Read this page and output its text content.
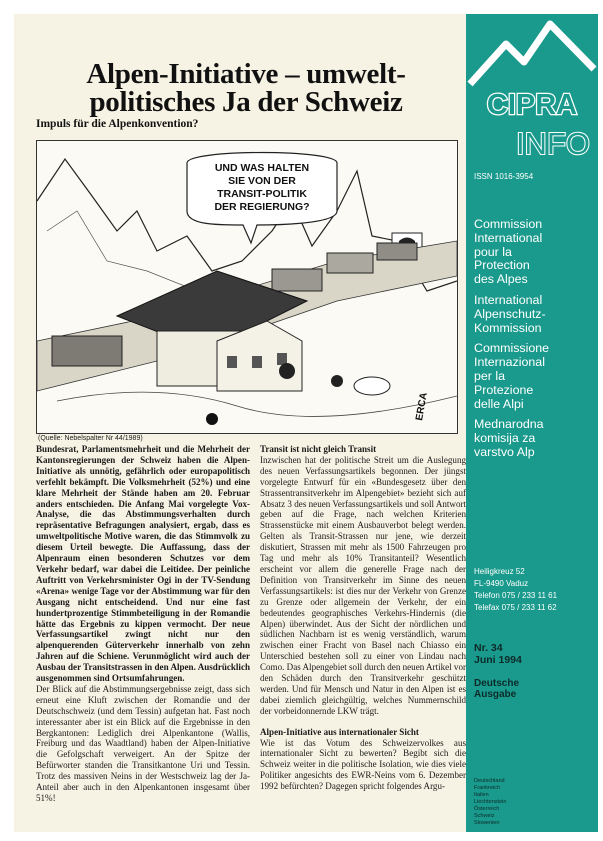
Alpen-Initiative – umwelt-politisches Ja der Schweiz
Impuls für die Alpenkonvention?
UND WAS HALTEN
SIE VON DER
TRANSIT-POLITIK
DER REGIERUNG?
ERCA
(Quelle: Nebelspalter Nr 44/1989)

Bundesrat, Parlamentsmehrheit und die Mehrheit der Kantonsregierungen der Schweiz haben die Alpen-Initiative als unnötig, gefährlich oder europapolitisch verfehlt bekämpft. Die Volksmehrheit (52%) und eine klare Mehrheit der Stände haben am 20. Februar anders entschieden. Die Anfang Mai vorgelegte Vox-Analyse, die das Abstimmungsverhalten durch repräsentative Befragungen analysiert, ergab, dass es umweltpolitische Motive waren, die das Stimmvolk zu diesem Urteil bewegte. Die Auffassung, dass der Alpenraum einen besonderen Schutzes vor dem Verkehr bedarf, war dabei die Leitidee. Der peinliche Auftritt von Verkehrsminister Ogi in der TV-Sendung «Arena» wenige Tage vor der Abstimmung war für den Ausgang nicht entscheidend. Und nur eine fast hundertprozentige Stimmbeteiligung in der Romandie hätte das Ergebnis zu kippen vermocht. Der neue Verfassungsartikel zwingt nicht nur den alpenquerenden Güterverkehr innerhalb von zehn Jahren auf die Schiene. Verunmöglicht wird auch der Ausbau der Transitstrassen in den Alpen. Ausdrücklich ausgenommen sind Ortsumfahrungen.

Der Blick auf die Abstimmungsergebnisse zeigt, dass sich erneut eine Kluft zwischen der Romandie und der Deutschschweiz (und dem Tessin) aufgetan hat. Fast noch interessanter aber ist ein Blick auf die Ergebnisse in den Bergkantonen: Lediglich drei Alpenkantone (Wallis, Freiburg und das Waadtland) haben der Alpen-Initiative die Gefolgschaft verweigert. An der Spitze der Befürworter standen die Transitkantone Uri und Tessin. Trotz des massiven Neins in der Westschweiz lag der Ja-Anteil aber auch in den Alpenkantonen insgesamt über 51%!

Transit ist nicht gleich Transit

Inzwischen hat der politische Streit um die Auslegung des neuen Verfassungsartikels begonnen. Der jüngst vorgelegte Entwurf für ein «Bundesgesetz über den Strassentransitverkehr im Alpengebiet» bezieht sich auf Absatz 3 des neuen Verfassungsartikels und soll Antwort geben auf die Frage, nach welchen Kriterien Strassenstücke mit einem Ausbauverbot belegt werden. Gelten als Transit-Strassen nur jene, wie derzeit diskutiert, Strassen mit mehr als 1500 Fahrzeugen pro Tag und mehr als 10% Transitanteil? Wesentlich erscheint vor allem die generelle Frage nach der Definition von Transitverkehr im Sinne des neuen Verfassungsartikels: ist dies nur der Verkehr von Grenze zu Grenze oder allgemein der Verkehr, der ein bedeutendes geographisches Verkehrs-Hindernis (die Alpen) überwindet. Aus der Sicht der nördlichen und südlichen Nachbarn ist es wenig verständlich, warum zwischen einer Fracht von Basel nach Chiasso ein Unterschied bestehen soll zu einer von Lindau nach Como. Das Alpengebiet soll durch den neuen Artikel vor den Schäden durch den Transitverkehr geschützt werden. Und für Mensch und Natur in den Alpen ist es dabei ziemlich gleichgültig, welches Nummernschild der vorbeidonnernde LKW trägt.

Alpen-Initiative aus internationaler Sicht

Wie ist das Votum des Schweizervolkes aus internationaler Sicht zu bewerten? Begibt sich die Schweiz weiter in die politische Isolation, wie dies viele Politiker angesichts des EWR-Neins vom 6. Dezember 1992 befürchten? Dagegen spricht folgendes Argu-

CIPRA
INFO
ISSN 1016-3954
Commission
International
pour la
Protection
des Alpes
International
Alpenschutz-
Kommission
Commissione
Internazional
per la
Protezione
delle Alpi
Mednarodna
komisija za
varstvo Alp
Heiligkreuz 52
FL-9490 Vaduz
Telefon 075 / 233 11 61
Telefax 075 / 233 11 62
Nr. 34
Juni 1994
Deutsche
Ausgabe
Deutschland
Frankreich
Italien
Liechtenstein
Österreich
Schweiz
Slowenien
